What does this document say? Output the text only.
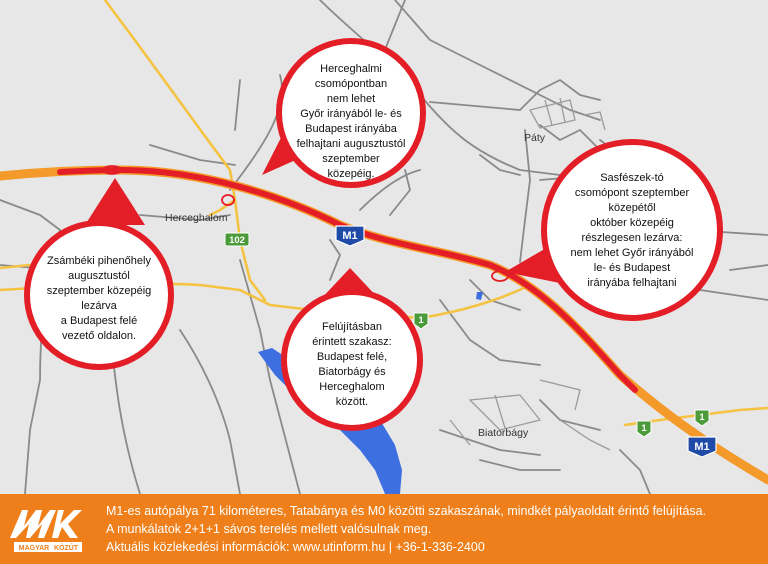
Herceghalom
Páty
Biatorbágy
M1
M1
102
1
1
1
Herceghalmi csomópontban nem lehet Győr irányából le- és Budapest irányába felhajtani augusztustól szeptember közepéig.	Sasfészek-tó csomópont szeptember közepétől október közepéig részlegesen lezárva: nem lehet Győr irányából le- és Budapest irányába felhajtani
Zsámbéki pihenőhely augusztustól szeptember közepéig lezárva a Budapest felé vezető oldalon.
Felújításban érintett szakasz: Budapest felé, Biatorbágy és Herceghalom között.
MAGYAR KÖZÚT
M1-es autópálya 71 kilométeres, Tatabánya és M0 közötti szakaszának, mindkét pályaoldalt érintő felújítása.
A munkálatok 2+1+1 sávos terelés mellett valósulnak meg.
Aktuális közlekedési információk: www.utinform.hu | +36-1-336-2400
